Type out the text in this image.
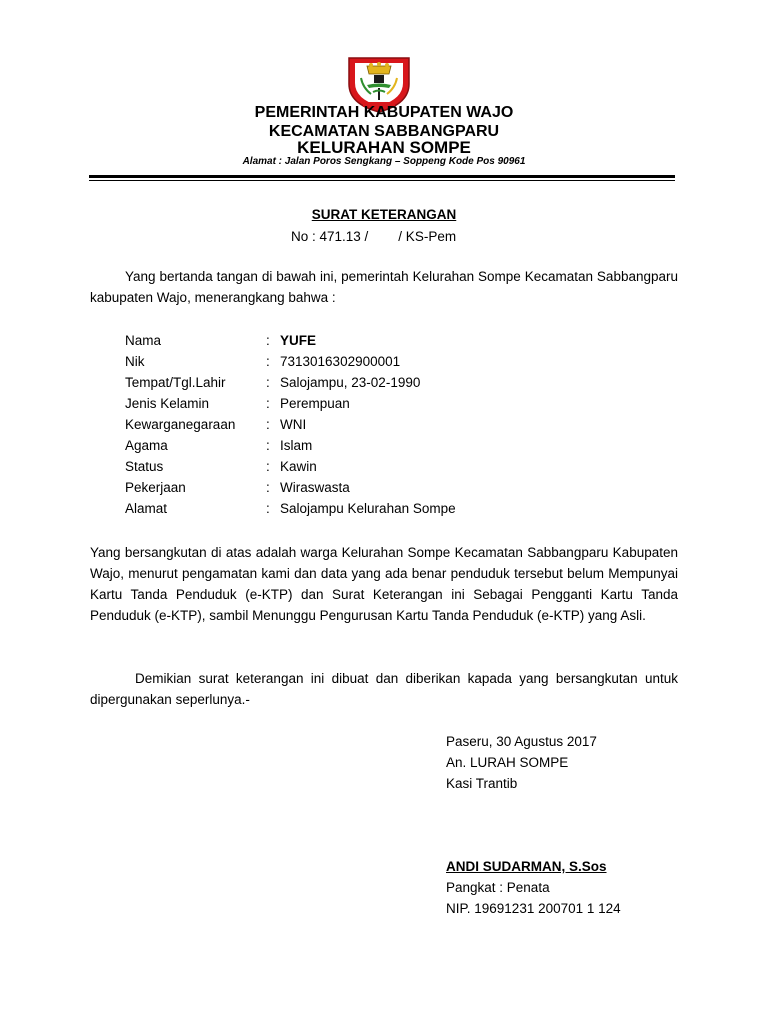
PEMERINTAH KABUPATEN WAJO
KECAMATAN SABBANGPARU
KELURAHAN SOMPE
Alamat : Jalan Poros Sengkang – Soppeng Kode Pos 90961
SURAT KETERANGAN
No : 471.13 /        / KS-Pem
Yang bertanda tangan di bawah ini, pemerintah Kelurahan Sompe Kecamatan Sabbangparu kabupaten Wajo, menerangkang bahwa :
Nama	: YUFE
Nik	: 7313016302900001
Tempat/Tgl.Lahir	: Salojampu, 23-02-1990
Jenis Kelamin	: Perempuan
Kewarganegaraan	: WNI
Agama	: Islam
Status	: Kawin
Pekerjaan	: Wiraswasta
Alamat	: Salojampu Kelurahan Sompe
Yang bersangkutan di atas adalah warga Kelurahan Sompe Kecamatan Sabbangparu Kabupaten Wajo, menurut pengamatan kami dan data yang ada benar penduduk tersebut belum Mempunyai Kartu Tanda Penduduk (e-KTP) dan Surat Keterangan ini Sebagai Pengganti Kartu Tanda Penduduk (e-KTP), sambil Menunggu Pengurusan Kartu Tanda Penduduk (e-KTP) yang Asli.
Demikian surat keterangan ini dibuat dan diberikan kapada yang bersangkutan untuk dipergunakan seperlunya.-
Paseru, 30 Agustus 2017
An. LURAH SOMPE
Kasi Trantib
ANDI SUDARMAN, S.Sos
Pangkat : Penata
NIP. 19691231 200701 1 124
